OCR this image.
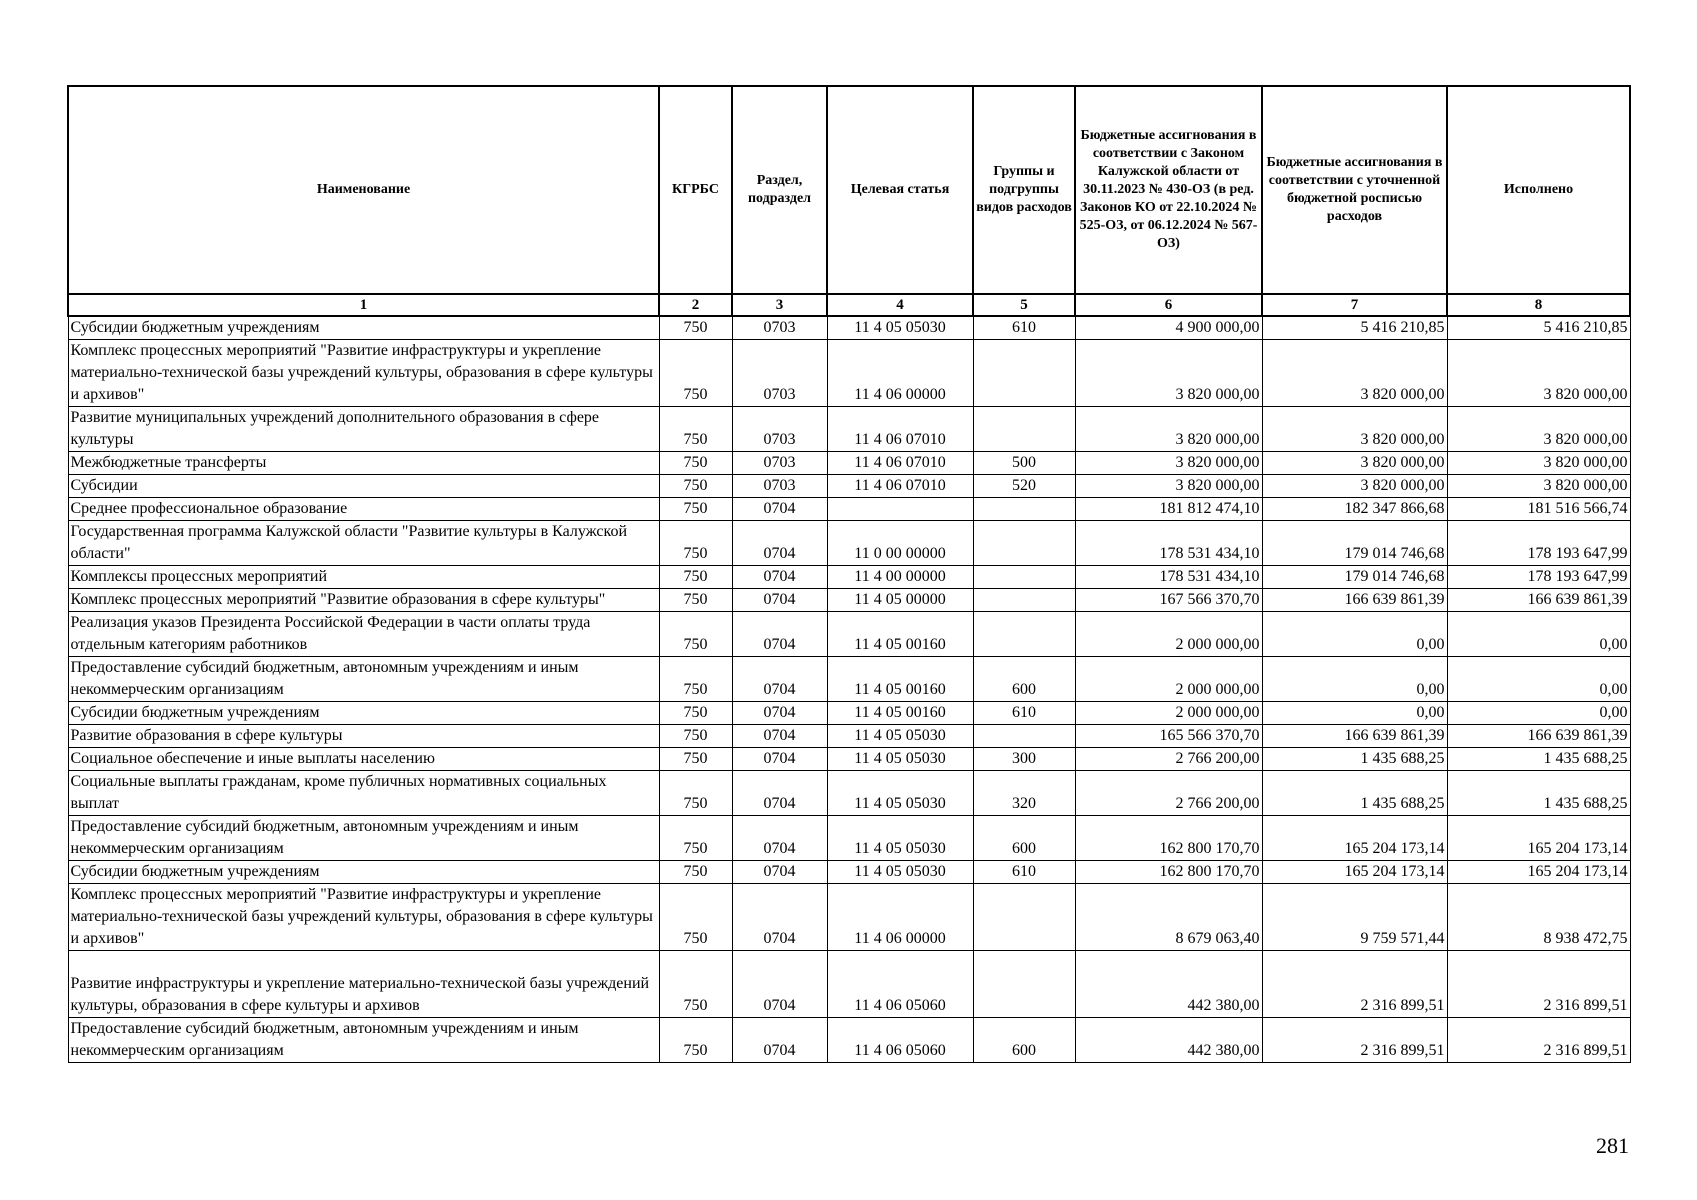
Наименование	КГРБС	Раздел, подраздел	Целевая статья	Группы и подгруппы видов расходов	Бюджетные ассигнования в соответствии с Законом Калужской области от 30.11.2023 № 430-ОЗ (в ред. Законов КО от 22.10.2024 № 525-ОЗ, от 06.12.2024 № 567-ОЗ)	Бюджетные ассигнования в соответствии с уточненной бюджетной росписью расходов	Исполнено
1	2	3	4	5	6	7	8
Субсидии бюджетным учреждениям	750	0703	11 4 05 05030	610	4 900 000,00	5 416 210,85	5 416 210,85
Комплекс процессных мероприятий "Развитие инфраструктуры и укрепление материально-технической базы учреждений культуры, образования в сфере культуры и архивов"	750	0703	11 4 06 00000		3 820 000,00	3 820 000,00	3 820 000,00
Развитие муниципальных учреждений дополнительного образования в сфере культуры	750	0703	11 4 06 07010		3 820 000,00	3 820 000,00	3 820 000,00
Межбюджетные трансферты	750	0703	11 4 06 07010	500	3 820 000,00	3 820 000,00	3 820 000,00
Субсидии	750	0703	11 4 06 07010	520	3 820 000,00	3 820 000,00	3 820 000,00
Среднее профессиональное образование	750	0704			181 812 474,10	182 347 866,68	181 516 566,74
Государственная программа Калужской области "Развитие культуры в Калужской области"	750	0704	11 0 00 00000		178 531 434,10	179 014 746,68	178 193 647,99
Комплексы процессных мероприятий	750	0704	11 4 00 00000		178 531 434,10	179 014 746,68	178 193 647,99
Комплекс процессных мероприятий "Развитие образования в сфере культуры"	750	0704	11 4 05 00000		167 566 370,70	166 639 861,39	166 639 861,39
Реализация указов Президента Российской Федерации в части оплаты труда отдельным категориям работников	750	0704	11 4 05 00160		2 000 000,00	0,00	0,00
Предоставление субсидий бюджетным, автономным учреждениям и иным некоммерческим организациям	750	0704	11 4 05 00160	600	2 000 000,00	0,00	0,00
Субсидии бюджетным учреждениям	750	0704	11 4 05 00160	610	2 000 000,00	0,00	0,00
Развитие образования в сфере культуры	750	0704	11 4 05 05030		165 566 370,70	166 639 861,39	166 639 861,39
Социальное обеспечение и иные выплаты населению	750	0704	11 4 05 05030	300	2 766 200,00	1 435 688,25	1 435 688,25
Социальные выплаты гражданам, кроме публичных нормативных социальных выплат	750	0704	11 4 05 05030	320	2 766 200,00	1 435 688,25	1 435 688,25
Предоставление субсидий бюджетным, автономным учреждениям и иным некоммерческим организациям	750	0704	11 4 05 05030	600	162 800 170,70	165 204 173,14	165 204 173,14
Субсидии бюджетным учреждениям	750	0704	11 4 05 05030	610	162 800 170,70	165 204 173,14	165 204 173,14
Комплекс процессных мероприятий "Развитие инфраструктуры и укрепление материально-технической базы учреждений культуры, образования в сфере культуры и архивов"	750	0704	11 4 06 00000		8 679 063,40	9 759 571,44	8 938 472,75
Развитие инфраструктуры и укрепление материально-технической базы учреждений культуры, образования в сфере культуры и архивов	750	0704	11 4 06 05060		442 380,00	2 316 899,51	2 316 899,51
Предоставление субсидий бюджетным, автономным учреждениям и иным некоммерческим организациям	750	0704	11 4 06 05060	600	442 380,00	2 316 899,51	2 316 899,51
281
